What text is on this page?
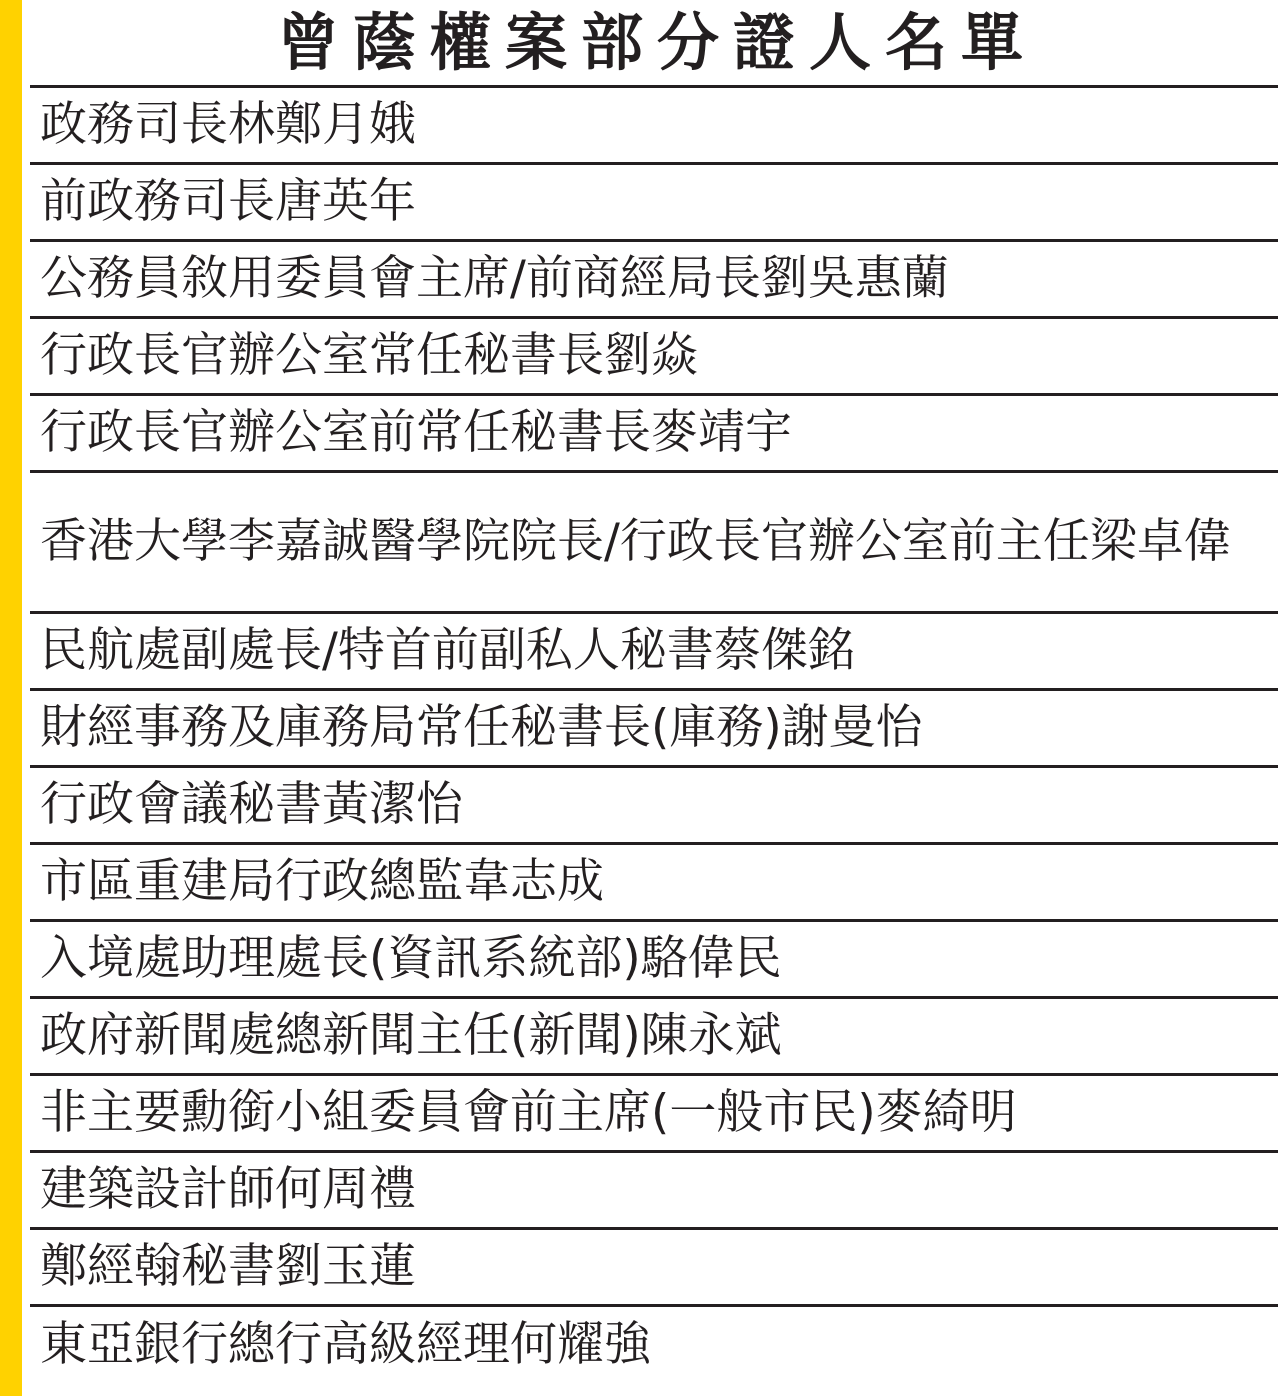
曾蔭權案部分證人名單
政務司長林鄭月娥
前政務司長唐英年
公務員敘用委員會主席/前商經局長劉吳惠蘭
行政長官辦公室常任秘書長劉焱
行政長官辦公室前常任秘書長麥靖宇
香港大學李嘉誠醫學院院長/行政長官辦公室前主任梁卓偉
民航處副處長/特首前副私人秘書蔡傑銘
財經事務及庫務局常任秘書長(庫務)謝曼怡
行政會議秘書黃潔怡
市區重建局行政總監韋志成
入境處助理處長(資訊系統部)駱偉民
政府新聞處總新聞主任(新聞)陳永斌
非主要勳銜小組委員會前主席(一般市民)麥綺明
建築設計師何周禮
鄭經翰秘書劉玉蓮
東亞銀行總行高級經理何耀強
